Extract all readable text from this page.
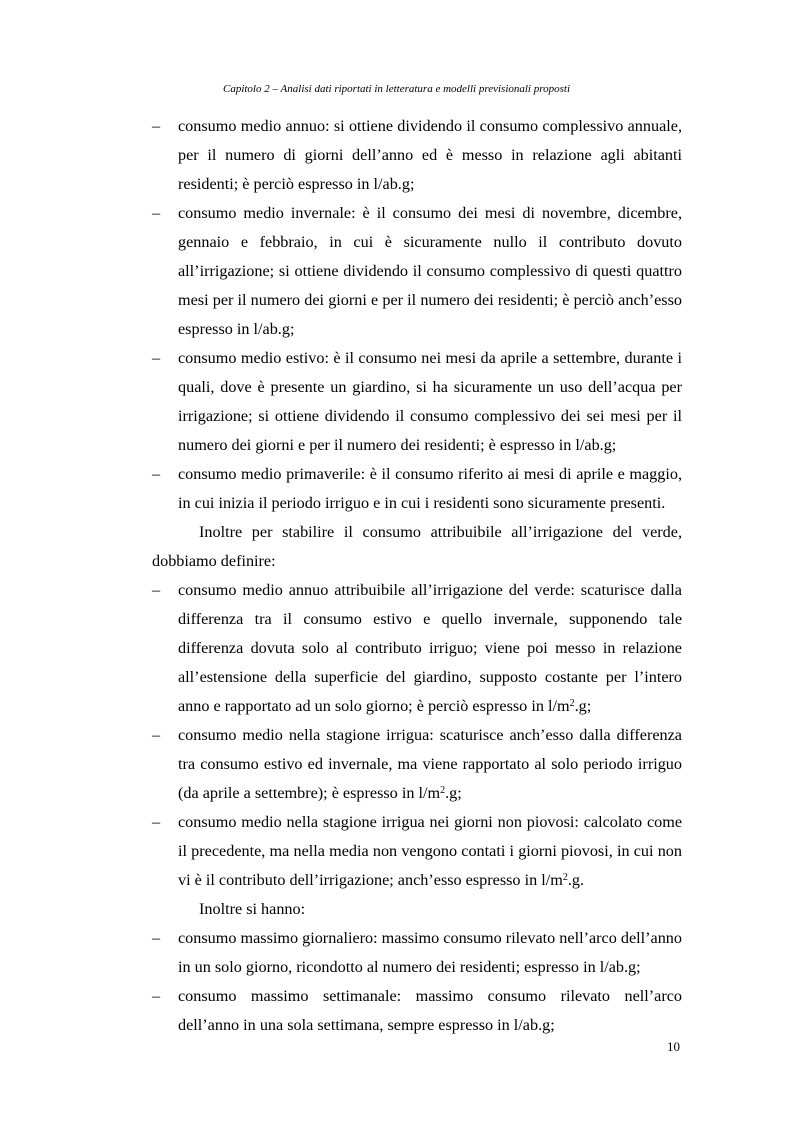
Capitolo 2 – Analisi dati riportati in letteratura e modelli previsionali proposti
– consumo medio annuo: si ottiene dividendo il consumo complessivo annuale, per il numero di giorni dell’anno ed è messo in relazione agli abitanti residenti; è perciò espresso in l/ab.g;
– consumo medio invernale: è il consumo dei mesi di novembre, dicembre, gennaio e febbraio, in cui è sicuramente nullo il contributo dovuto all’irrigazione; si ottiene dividendo il consumo complessivo di questi quattro mesi per il numero dei giorni e per il numero dei residenti; è perciò anch’esso espresso in l/ab.g;
– consumo medio estivo: è il consumo nei mesi da aprile a settembre, durante i quali, dove è presente un giardino, si ha sicuramente un uso dell’acqua per irrigazione; si ottiene dividendo il consumo complessivo dei sei mesi per il numero dei giorni e per il numero dei residenti; è espresso in l/ab.g;
– consumo medio primaverile: è il consumo riferito ai mesi di aprile e maggio, in cui inizia il periodo irriguo e in cui i residenti sono sicuramente presenti.
Inoltre per stabilire il consumo attribuibile all’irrigazione del verde, dobbiamo definire:
– consumo medio annuo attribuibile all’irrigazione del verde: scaturisce dalla differenza tra il consumo estivo e quello invernale, supponendo tale differenza dovuta solo al contributo irriguo; viene poi messo in relazione all’estensione della superficie del giardino, supposto costante per l’intero anno e rapportato ad un solo giorno; è perciò espresso in $l/m^2.g$;
– consumo medio nella stagione irrigua: scaturisce anch’esso dalla differenza tra consumo estivo ed invernale, ma viene rapportato al solo periodo irriguo (da aprile a settembre); è espresso in $l/m^2.g$;
– consumo medio nella stagione irrigua nei giorni non piovosi: calcolato come il precedente, ma nella media non vengono contati i giorni piovosi, in cui non vi è il contributo dell’irrigazione; anch’esso espresso in $l/m^2.g$.
Inoltre si hanno:
– consumo massimo giornaliero: massimo consumo rilevato nell’arco dell’anno in un solo giorno, ricondotto al numero dei residenti; espresso in l/ab.g;
– consumo massimo settimanale: massimo consumo rilevato nell’arco dell’anno in una sola settimana, sempre espresso in l/ab.g;
10
